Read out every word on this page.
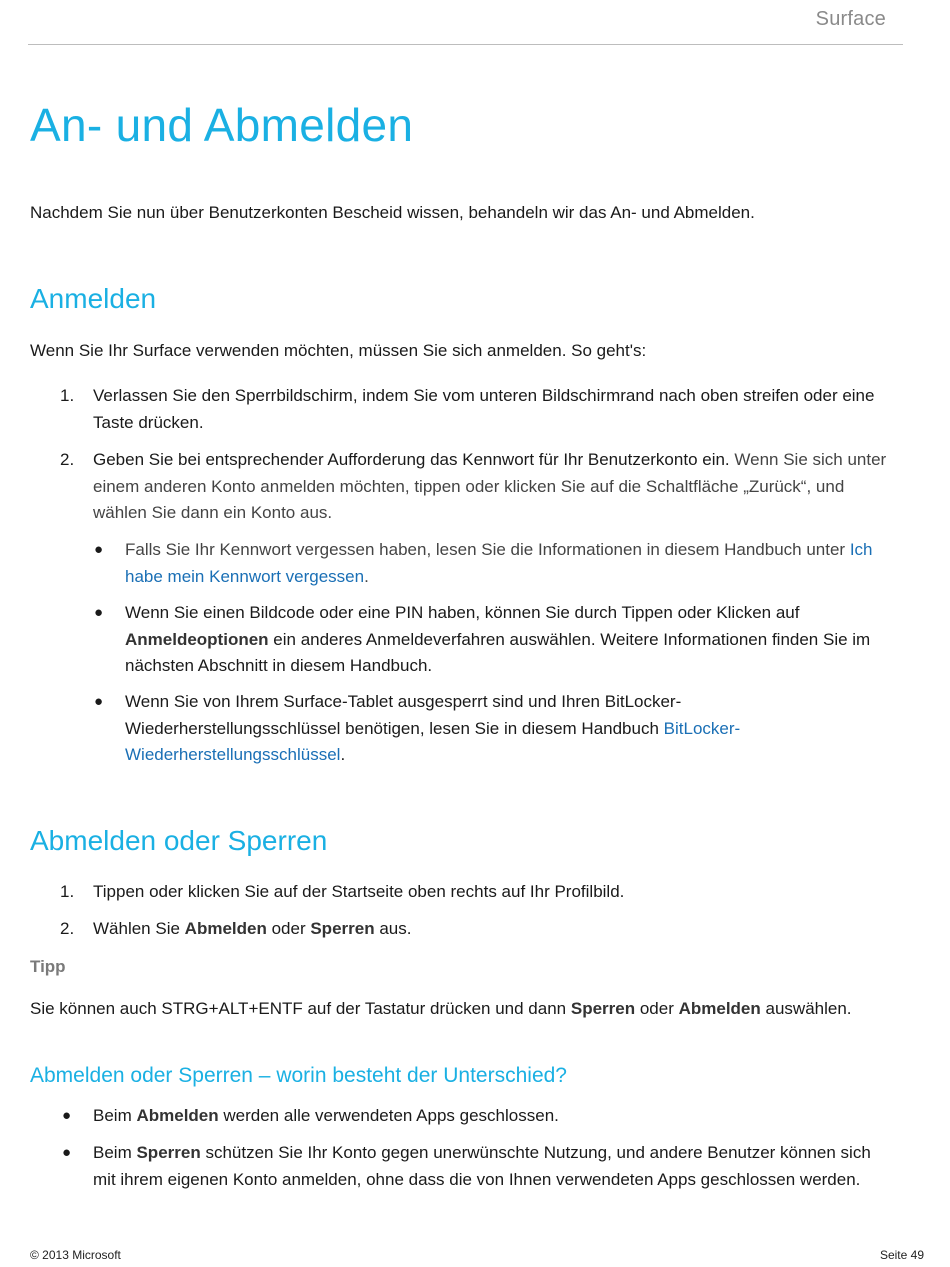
Surface
An- und Abmelden

Nachdem Sie nun über Benutzerkonten Bescheid wissen, behandeln wir das An- und Abmelden.

Anmelden

Wenn Sie Ihr Surface verwenden möchten, müssen Sie sich anmelden. So geht's:

1.	Verlassen Sie den Sperrbildschirm, indem Sie vom unteren Bildschirmrand nach oben streifen oder eine Taste drücken.
2.	Geben Sie bei entsprechender Aufforderung das Kennwort für Ihr Benutzerkonto ein. Wenn Sie sich unter einem anderen Konto anmelden möchten, tippen oder klicken Sie auf die Schaltfläche „Zurück“, und wählen Sie dann ein Konto aus.
● Falls Sie Ihr Kennwort vergessen haben, lesen Sie die Informationen in diesem Handbuch unter Ich habe mein Kennwort vergessen.
● Wenn Sie einen Bildcode oder eine PIN haben, können Sie durch Tippen oder Klicken auf Anmeldeoptionen ein anderes Anmeldeverfahren auswählen. Weitere Informationen finden Sie im nächsten Abschnitt in diesem Handbuch.
● Wenn Sie von Ihrem Surface-Tablet ausgesperrt sind und Ihren BitLocker-Wiederherstellungsschlüssel benötigen, lesen Sie in diesem Handbuch BitLocker-Wiederherstellungsschlüssel.
Abmelden oder Sperren
1.	Tippen oder klicken Sie auf der Startseite oben rechts auf Ihr Profilbild.
2.	Wählen Sie Abmelden oder Sperren aus.

Tipp

Sie können auch STRG+ALT+ENTF auf der Tastatur drücken und dann Sperren oder Abmelden auswählen.

Abmelden oder Sperren – worin besteht der Unterschied?
● Beim Abmelden werden alle verwendeten Apps geschlossen.
● Beim Sperren schützen Sie Ihr Konto gegen unerwünschte Nutzung, und andere Benutzer können sich mit ihrem eigenen Konto anmelden, ohne dass die von Ihnen verwendeten Apps geschlossen werden.
© 2013 Microsoft	Seite 49
